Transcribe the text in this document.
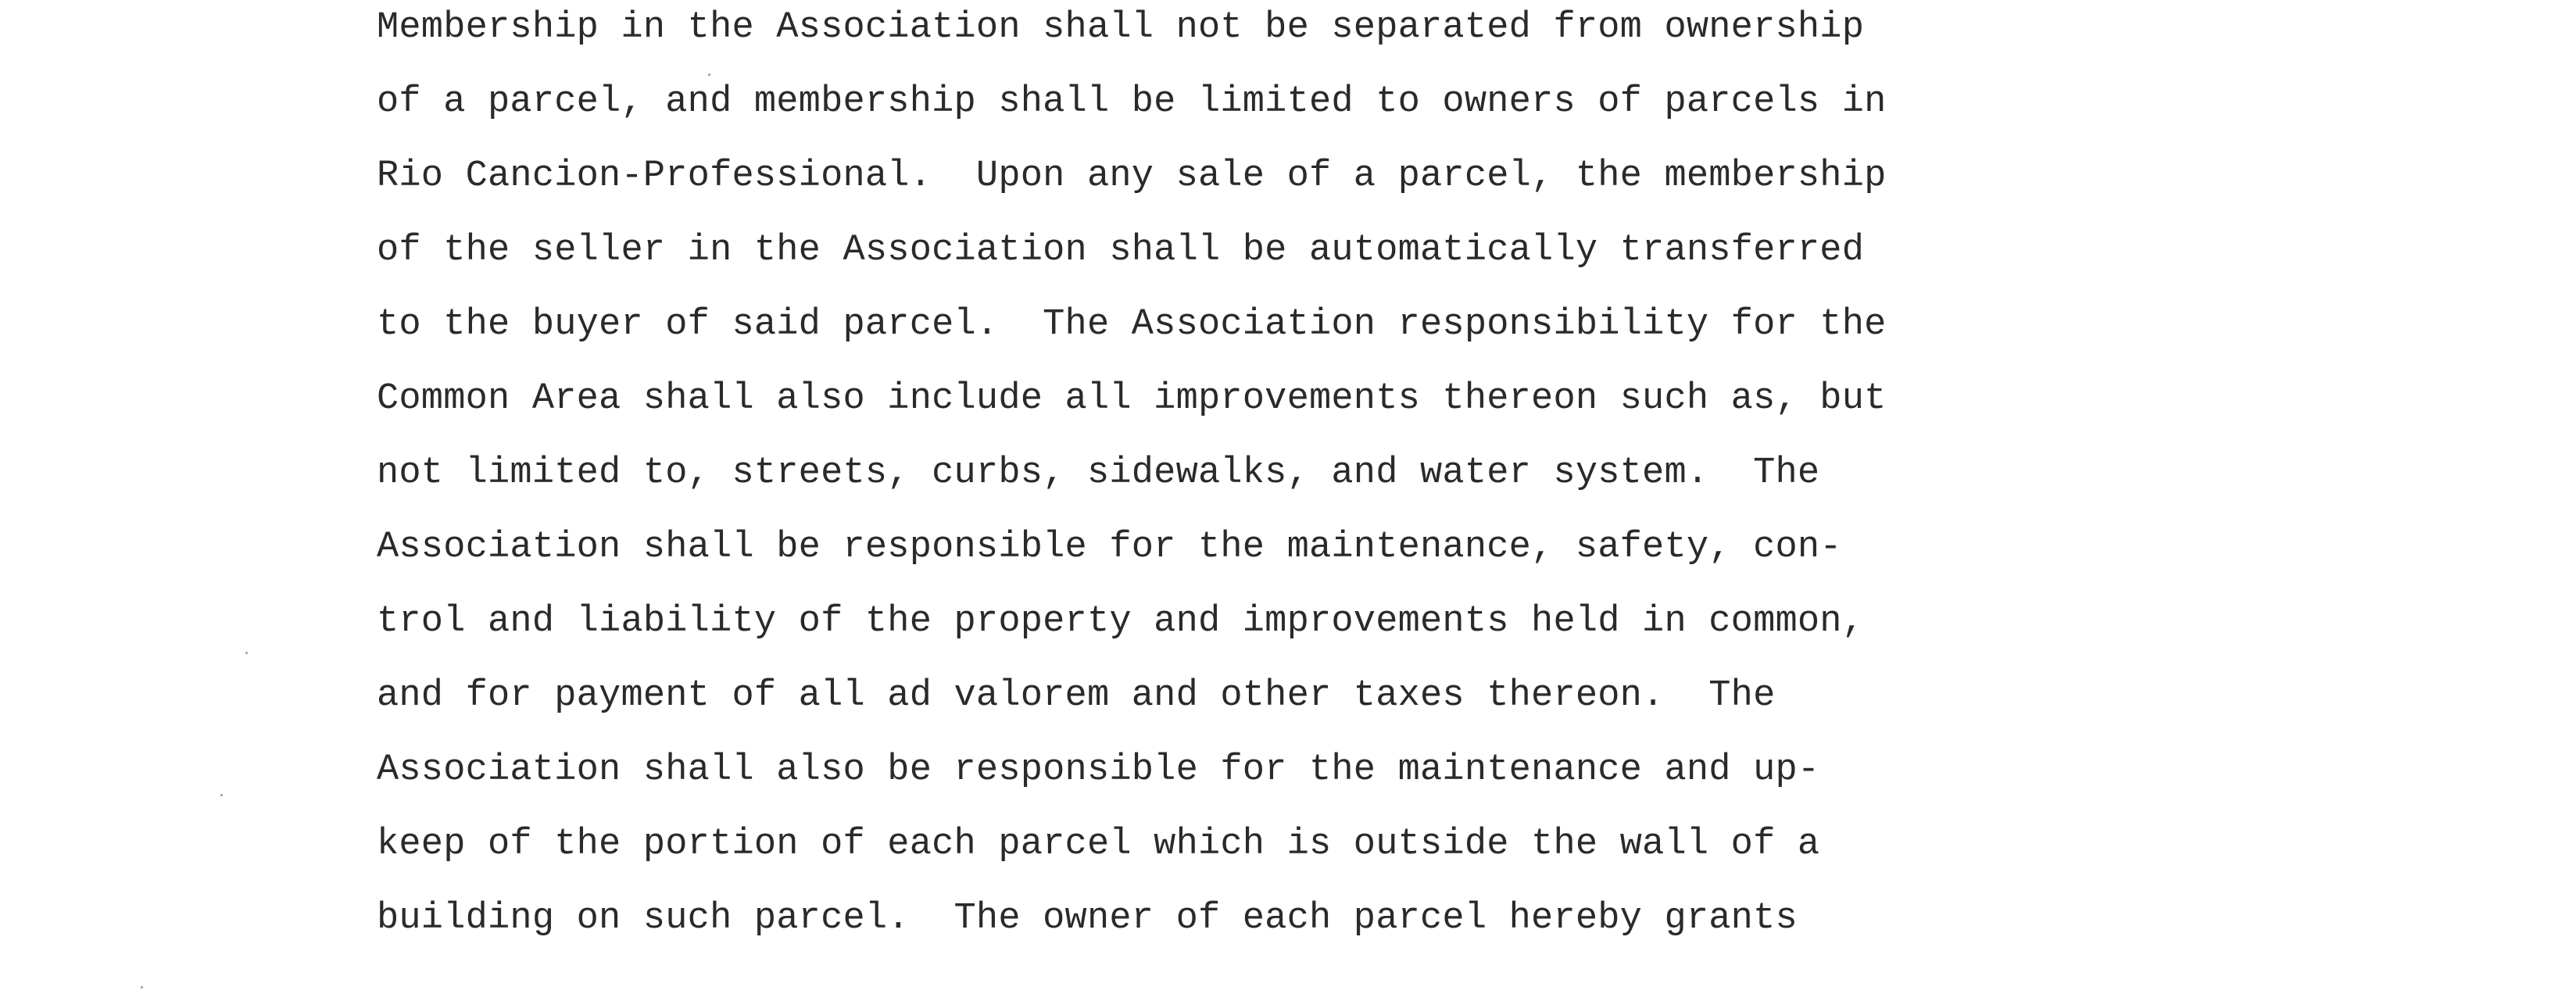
Membership in the Association shall not be separated from ownership
of a parcel, and membership shall be limited to owners of parcels in
Rio Cancion-Professional.  Upon any sale of a parcel, the membership
of the seller in the Association shall be automatically transferred
to the buyer of said parcel.  The Association responsibility for the
Common Area shall also include all improvements thereon such as, but
not limited to, streets, curbs, sidewalks, and water system.  The
Association shall be responsible for the maintenance, safety, con-
trol and liability of the property and improvements held in common,
and for payment of all ad valorem and other taxes thereon.  The
Association shall also be responsible for the maintenance and up-
keep of the portion of each parcel which is outside the wall of a
building on such parcel.  The owner of each parcel hereby grants
